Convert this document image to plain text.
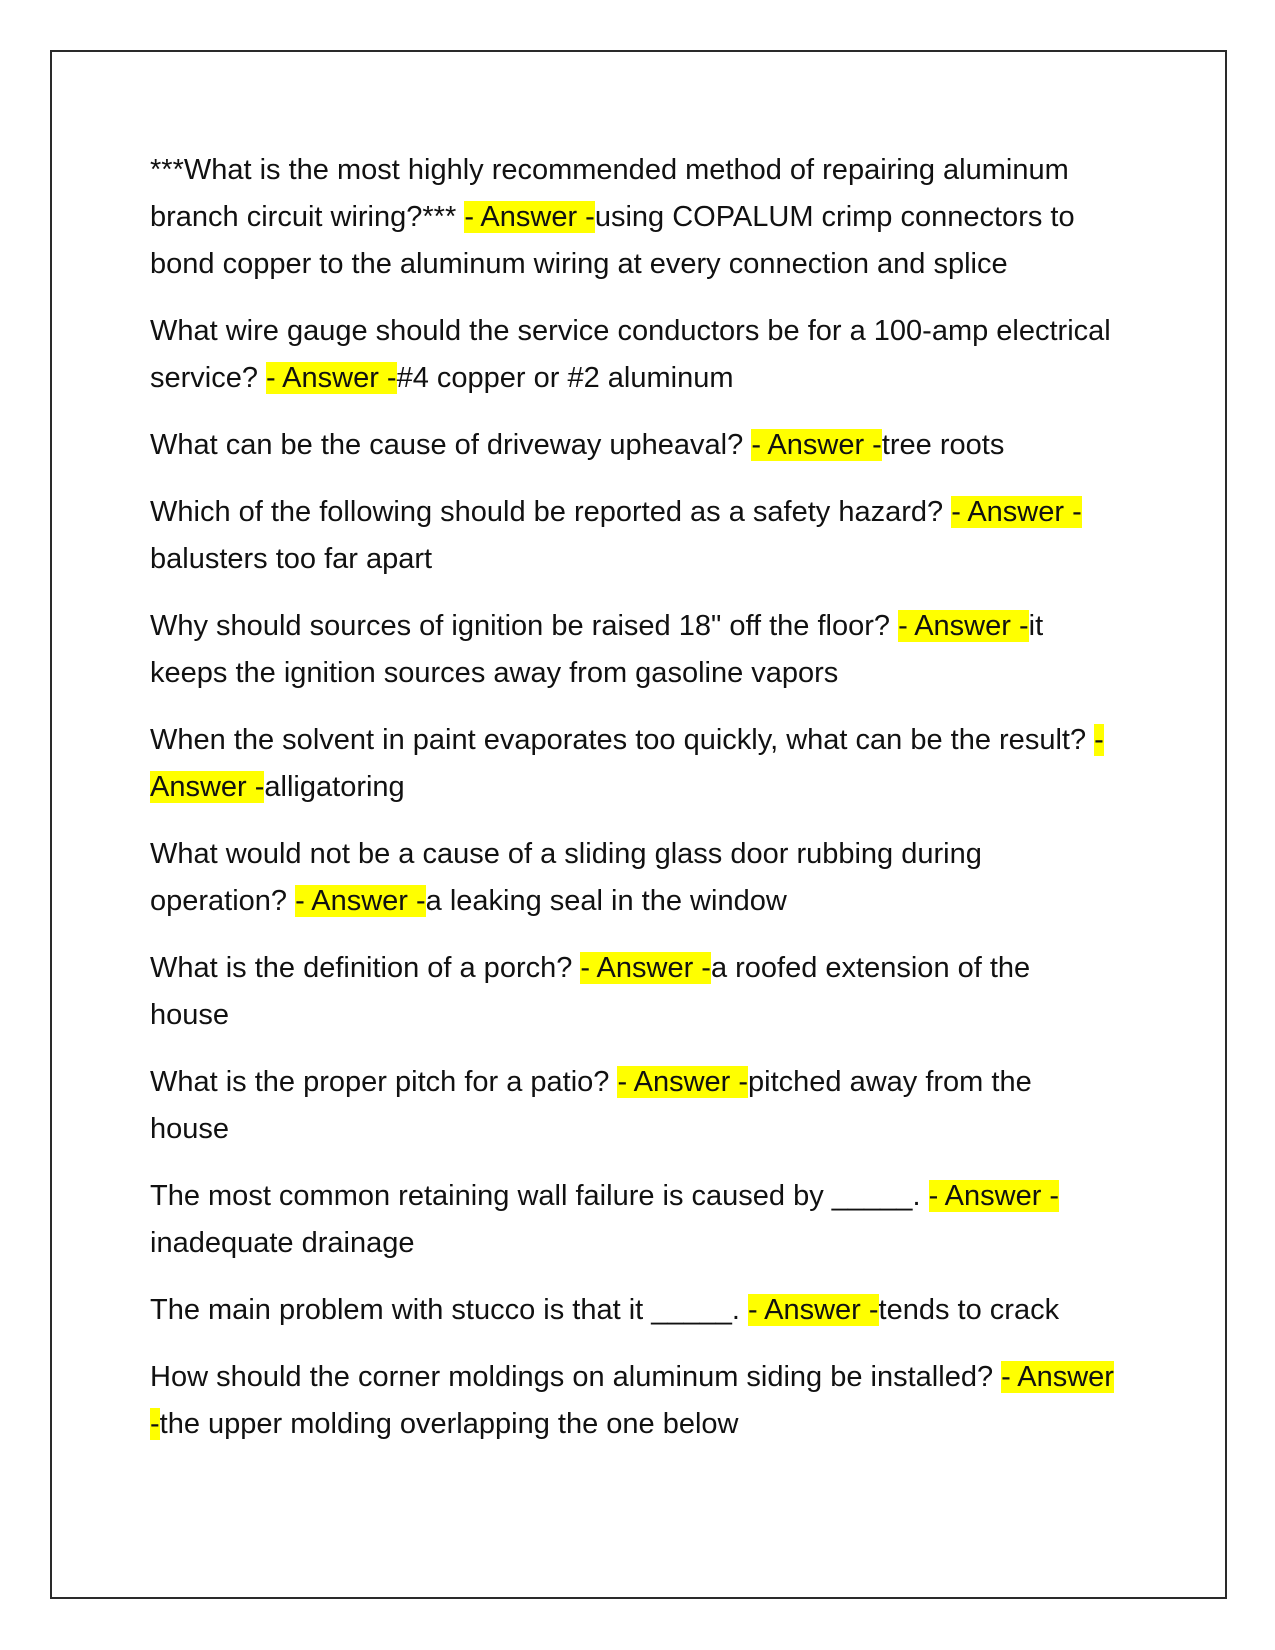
***What is the most highly recommended method of repairing aluminum branch circuit wiring?*** - Answer -using COPALUM crimp connectors to bond copper to the aluminum wiring at every connection and splice

What wire gauge should the service conductors be for a 100-amp electrical service? - Answer -#4 copper or #2 aluminum

What can be the cause of driveway upheaval? - Answer -tree roots

Which of the following should be reported as a safety hazard? - Answer -balusters too far apart

Why should sources of ignition be raised 18" off the floor? - Answer -it keeps the ignition sources away from gasoline vapors

When the solvent in paint evaporates too quickly, what can be the result? - Answer -alligatoring

What would not be a cause of a sliding glass door rubbing during operation? - Answer -a leaking seal in the window

What is the definition of a porch? - Answer -a roofed extension of the house

What is the proper pitch for a patio? - Answer -pitched away from the house

The most common retaining wall failure is caused by _____. - Answer -inadequate drainage

The main problem with stucco is that it _____. - Answer -tends to crack

How should the corner moldings on aluminum siding be installed? - Answer -the upper molding overlapping the one below
